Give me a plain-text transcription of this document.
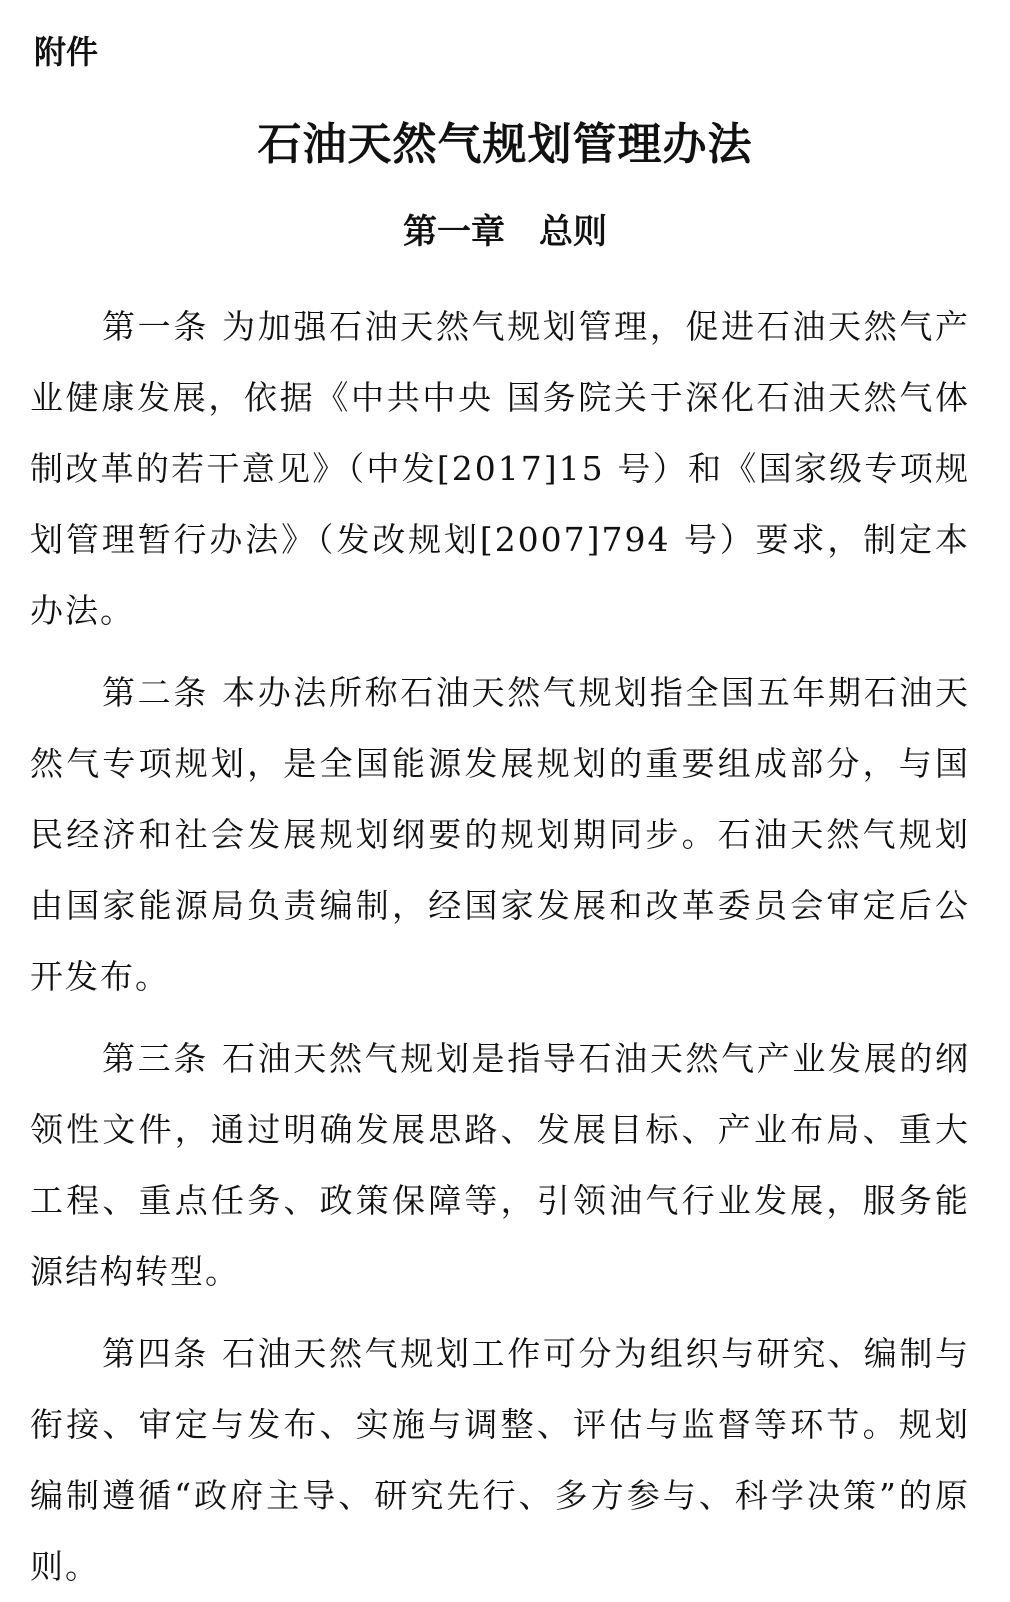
附件
石油天然气规划管理办法
第一章　总则

第一条 为加强石油天然气规划管理，促进石油天然气产业健康发展，依据《中共中央 国务院关于深化石油天然气体制改革的若干意见》（中发[2017]15 号）和《国家级专项规划管理暂行办法》（发改规划[2007]794 号）要求，制定本办法。

第二条 本办法所称石油天然气规划指全国五年期石油天然气专项规划，是全国能源发展规划的重要组成部分，与国民经济和社会发展规划纲要的规划期同步。石油天然气规划由国家能源局负责编制，经国家发展和改革委员会审定后公开发布。

第三条 石油天然气规划是指导石油天然气产业发展的纲领性文件，通过明确发展思路、发展目标、产业布局、重大工程、重点任务、政策保障等，引领油气行业发展，服务能源结构转型。

第四条 石油天然气规划工作可分为组织与研究、编制与衔接、审定与发布、实施与调整、评估与监督等环节。规划编制遵循“政府主导、研究先行、多方参与、科学决策”的原则。
